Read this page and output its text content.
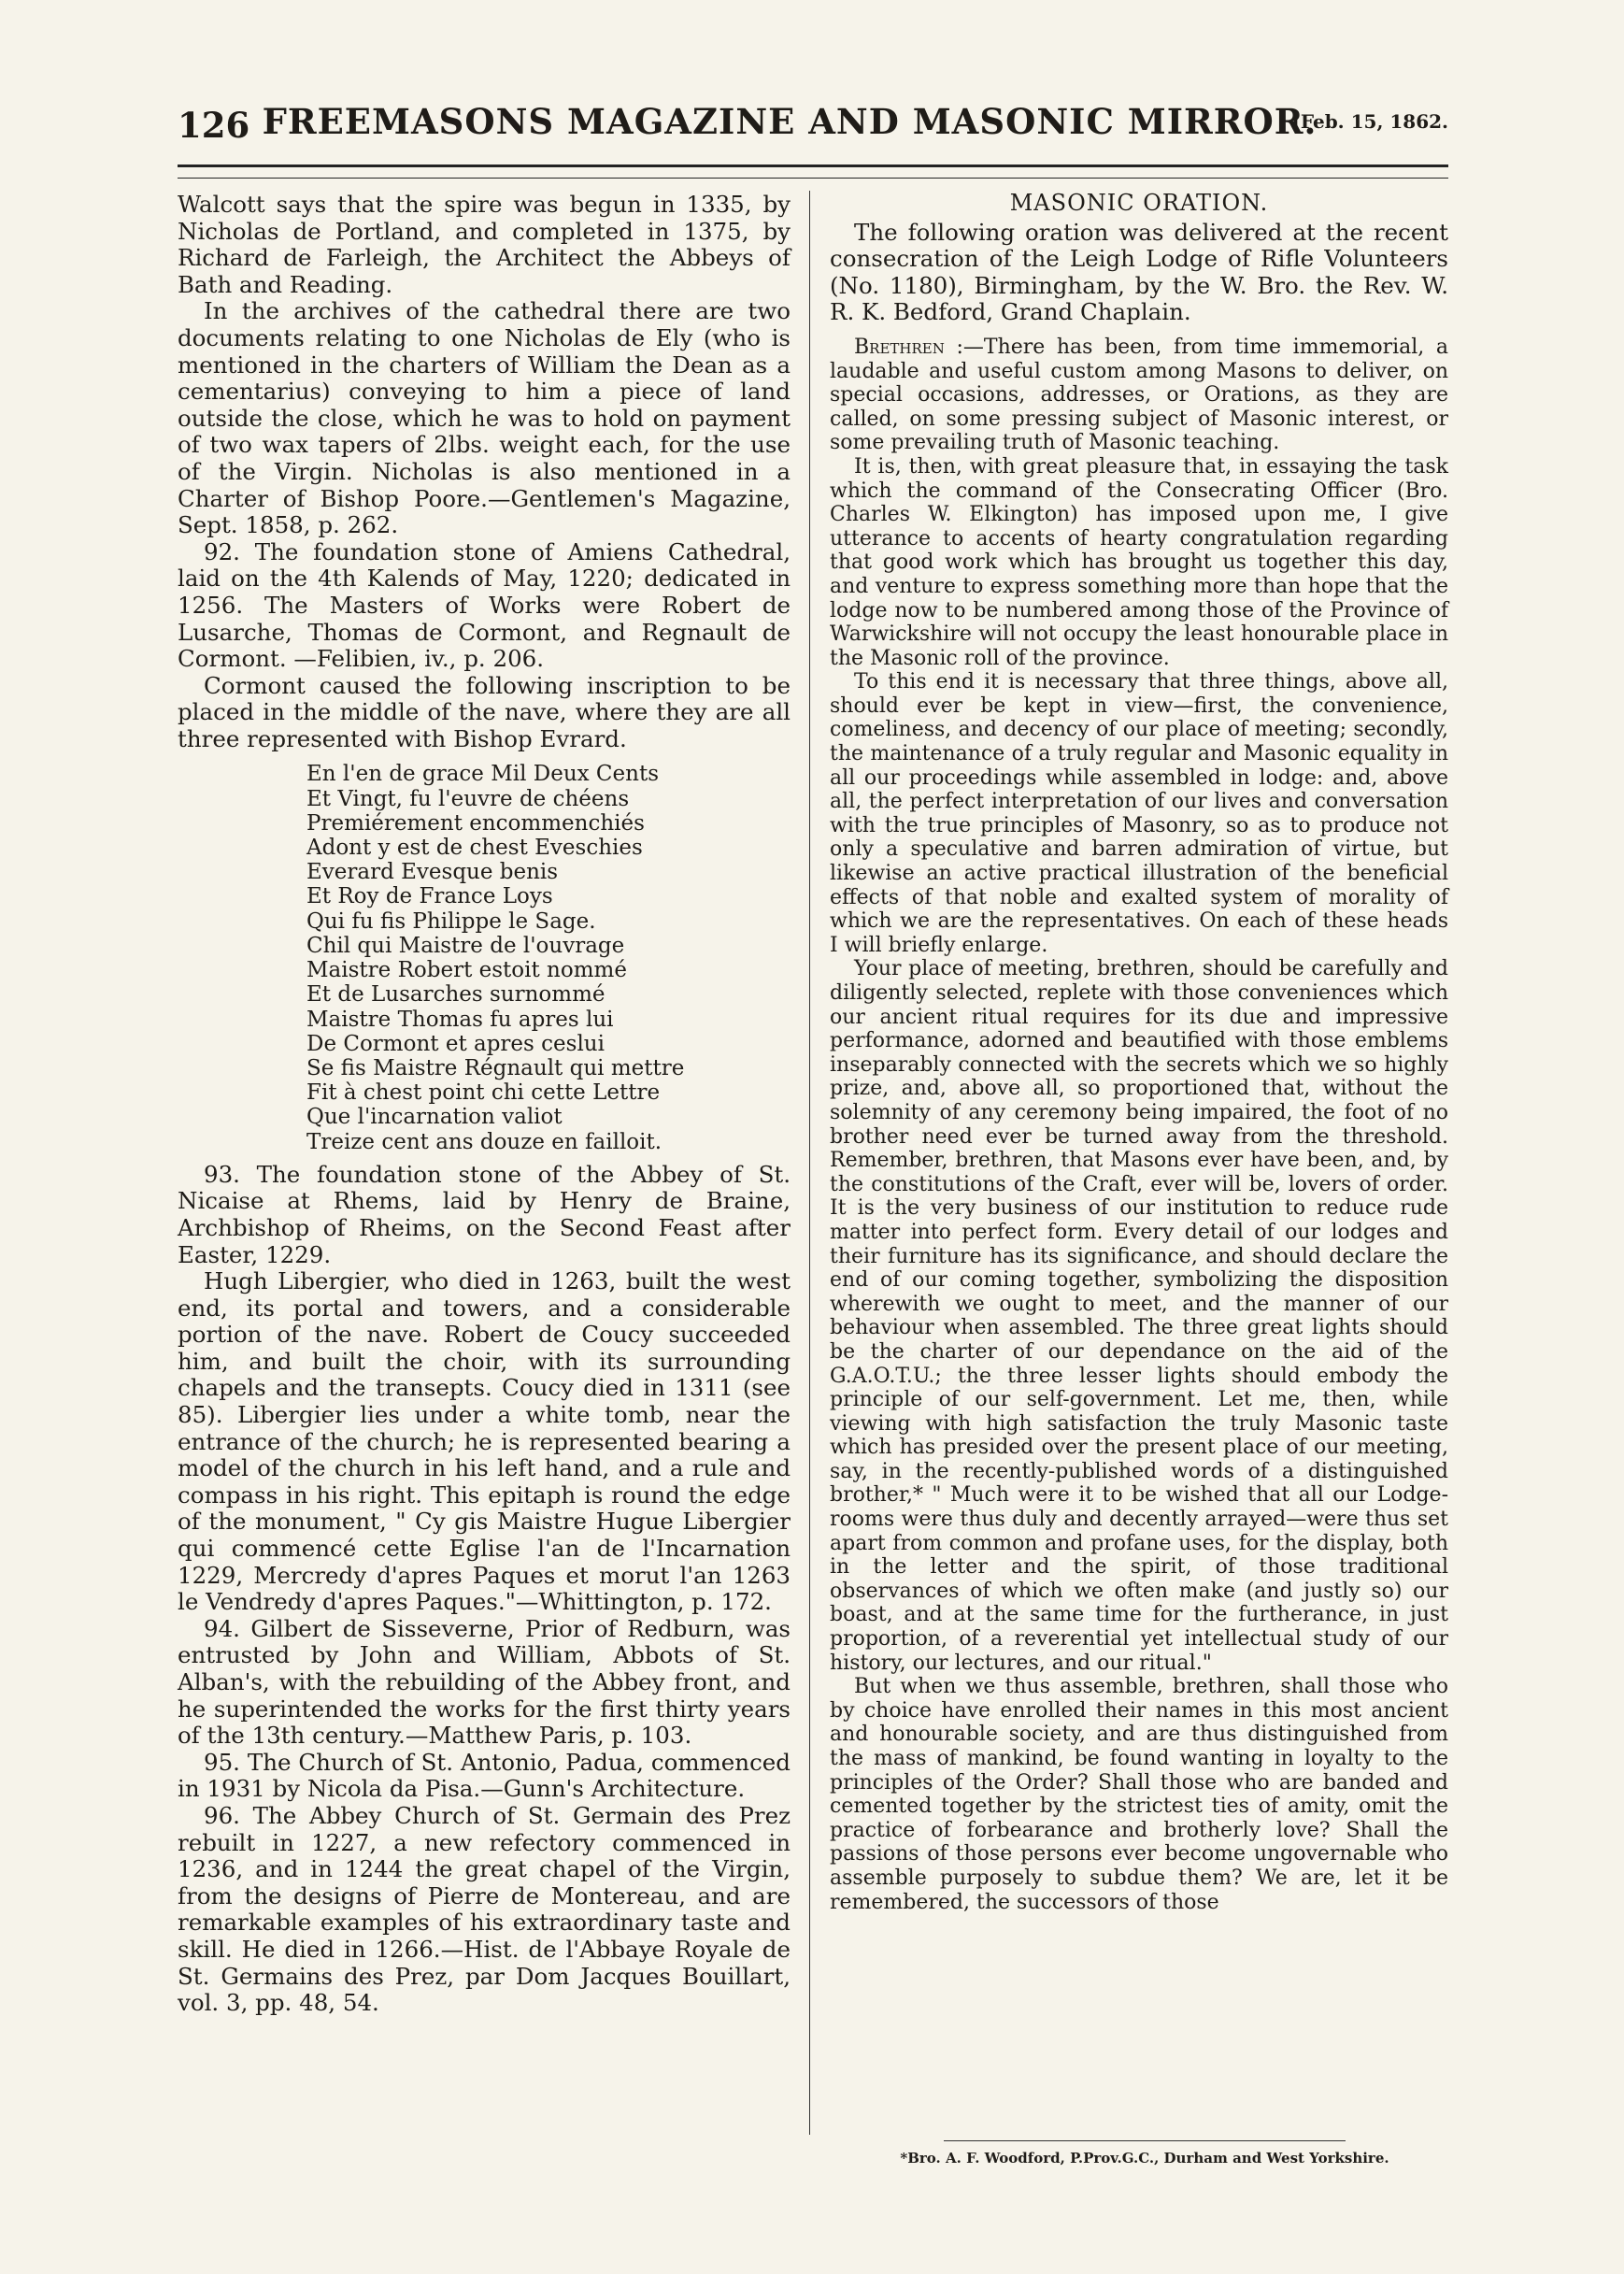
126 FREEMASONS MAGAZINE AND MASONIC MIRROR.
[Feb. 15, 1862.

Walcott says that the spire was begun in 1335, by Nicholas de Portland, and completed in 1375, by Richard de Farleigh, the Architect the Abbeys of Bath and Reading.

In the archives of the cathedral there are two documents relating to one Nicholas de Ely (who is mentioned in the charters of William the Dean as a cementarius) conveying to him a piece of land outside the close, which he was to hold on payment of two wax tapers of 2lbs. weight each, for the use of the Virgin. Nicholas is also mentioned in a Charter of Bishop Poore.—Gentlemen's Magazine, Sept. 1858, p. 262.

92. The foundation stone of Amiens Cathedral, laid on the 4th Kalends of May, 1220; dedicated in 1256. The Masters of Works were Robert de Lusarche, Thomas de Cormont, and Regnault de Cormont. —Felibien, iv., p. 206.

Cormont caused the following inscription to be placed in the middle of the nave, where they are all three represented with Bishop Evrard.

En l'en de grace Mil Deux Cents
Et Vingt, fu l'euvre de chéens
Premiérement encommenchiés
Adont y est de chest Eveschies
Everard Evesque benis
Et Roy de France Loys
Qui fu fis Philippe le Sage.
Chil qui Maistre de l'ouvrage
Maistre Robert estoit nommé
Et de Lusarches surnommé
Maistre Thomas fu apres lui
De Cormont et apres ceslui
Se fis Maistre Régnault qui mettre
Fit à chest point chi cette Lettre
Que l'incarnation valiot
Treize cent ans douze en failloit.

93. The foundation stone of the Abbey of St. Nicaise at Rhems, laid by Henry de Braine, Archbishop of Rheims, on the Second Feast after Easter, 1229.

Hugh Libergier, who died in 1263, built the west end, its portal and towers, and a considerable portion of the nave. Robert de Coucy succeeded him, and built the choir, with its surrounding chapels and the transepts. Coucy died in 1311 (see 85). Libergier lies under a white tomb, near the entrance of the church; he is represented bearing a model of the church in his left hand, and a rule and compass in his right. This epitaph is round the edge of the monument, " Cy gis Maistre Hugue Libergier qui commencé cette Eglise l'an de l'Incarnation 1229, Mercredy d'apres Paques et morut l'an 1263 le Vendredy d'apres Paques."—Whittington, p. 172.

94. Gilbert de Sisseverne, Prior of Redburn, was entrusted by John and William, Abbots of St. Alban's, with the rebuilding of the Abbey front, and he superintended the works for the first thirty years of the 13th century.—Matthew Paris, p. 103.

95. The Church of St. Antonio, Padua, commenced in 1931 by Nicola da Pisa.—Gunn's Architecture.

96. The Abbey Church of St. Germain des Prez rebuilt in 1227, a new refectory commenced in 1236, and in 1244 the great chapel of the Virgin, from the designs of Pierre de Montereau, and are remarkable examples of his extraordinary taste and skill. He died in 1266.—Hist. de l'Abbaye Royale de St. Germains des Prez, par Dom Jacques Bouillart, vol. 3, pp. 48, 54.

MASONIC ORATION.

The following oration was delivered at the recent consecration of the Leigh Lodge of Rifle Volunteers (No. 1180), Birmingham, by the W. Bro. the Rev. W. R. K. Bedford, Grand Chaplain.

Brethren :—There has been, from time immemorial, a laudable and useful custom among Masons to deliver, on special occasions, addresses, or Orations, as they are called, on some pressing subject of Masonic interest, or some prevailing truth of Masonic teaching.

It is, then, with great pleasure that, in essaying the task which the command of the Consecrating Officer (Bro. Charles W. Elkington) has imposed upon me, I give utterance to accents of hearty congratulation regarding that good work which has brought us together this day, and venture to express something more than hope that the lodge now to be numbered among those of the Province of Warwickshire will not occupy the least honourable place in the Masonic roll of the province.

To this end it is necessary that three things, above all, should ever be kept in view—first, the convenience, comeliness, and decency of our place of meeting; secondly, the maintenance of a truly regular and Masonic equality in all our proceedings while assembled in lodge: and, above all, the perfect interpretation of our lives and conversation with the true principles of Masonry, so as to produce not only a speculative and barren admiration of virtue, but likewise an active practical illustration of the beneficial effects of that noble and exalted system of morality of which we are the representatives. On each of these heads I will briefly enlarge.

Your place of meeting, brethren, should be carefully and diligently selected, replete with those conveniences which our ancient ritual requires for its due and impressive performance, adorned and beautified with those emblems inseparably connected with the secrets which we so highly prize, and, above all, so proportioned that, without the solemnity of any ceremony being impaired, the foot of no brother need ever be turned away from the threshold. Remember, brethren, that Masons ever have been, and, by the constitutions of the Craft, ever will be, lovers of order. It is the very business of our institution to reduce rude matter into perfect form. Every detail of our lodges and their furniture has its significance, and should declare the end of our coming together, symbolizing the disposition wherewith we ought to meet, and the manner of our behaviour when assembled. The three great lights should be the charter of our dependance on the aid of the G.A.O.T.U.; the three lesser lights should embody the principle of our self-government. Let me, then, while viewing with high satisfaction the truly Masonic taste which has presided over the present place of our meeting, say, in the recently-published words of a distinguished brother,* " Much were it to be wished that all our Lodge-rooms were thus duly and decently arrayed—were thus set apart from common and profane uses, for the display, both in the letter and the spirit, of those traditional observances of which we often make (and justly so) our boast, and at the same time for the furtherance, in just proportion, of a reverential yet intellectual study of our history, our lectures, and our ritual."

But when we thus assemble, brethren, shall those who by choice have enrolled their names in this most ancient and honourable society, and are thus distinguished from the mass of mankind, be found wanting in loyalty to the principles of the Order? Shall those who are banded and cemented together by the strictest ties of amity, omit the practice of forbearance and brotherly love? Shall the passions of those persons ever become ungovernable who assemble purposely to subdue them? We are, let it be remembered, the successors of those

*Bro. A. F. Woodford, P.Prov.G.C., Durham and West Yorkshire.
